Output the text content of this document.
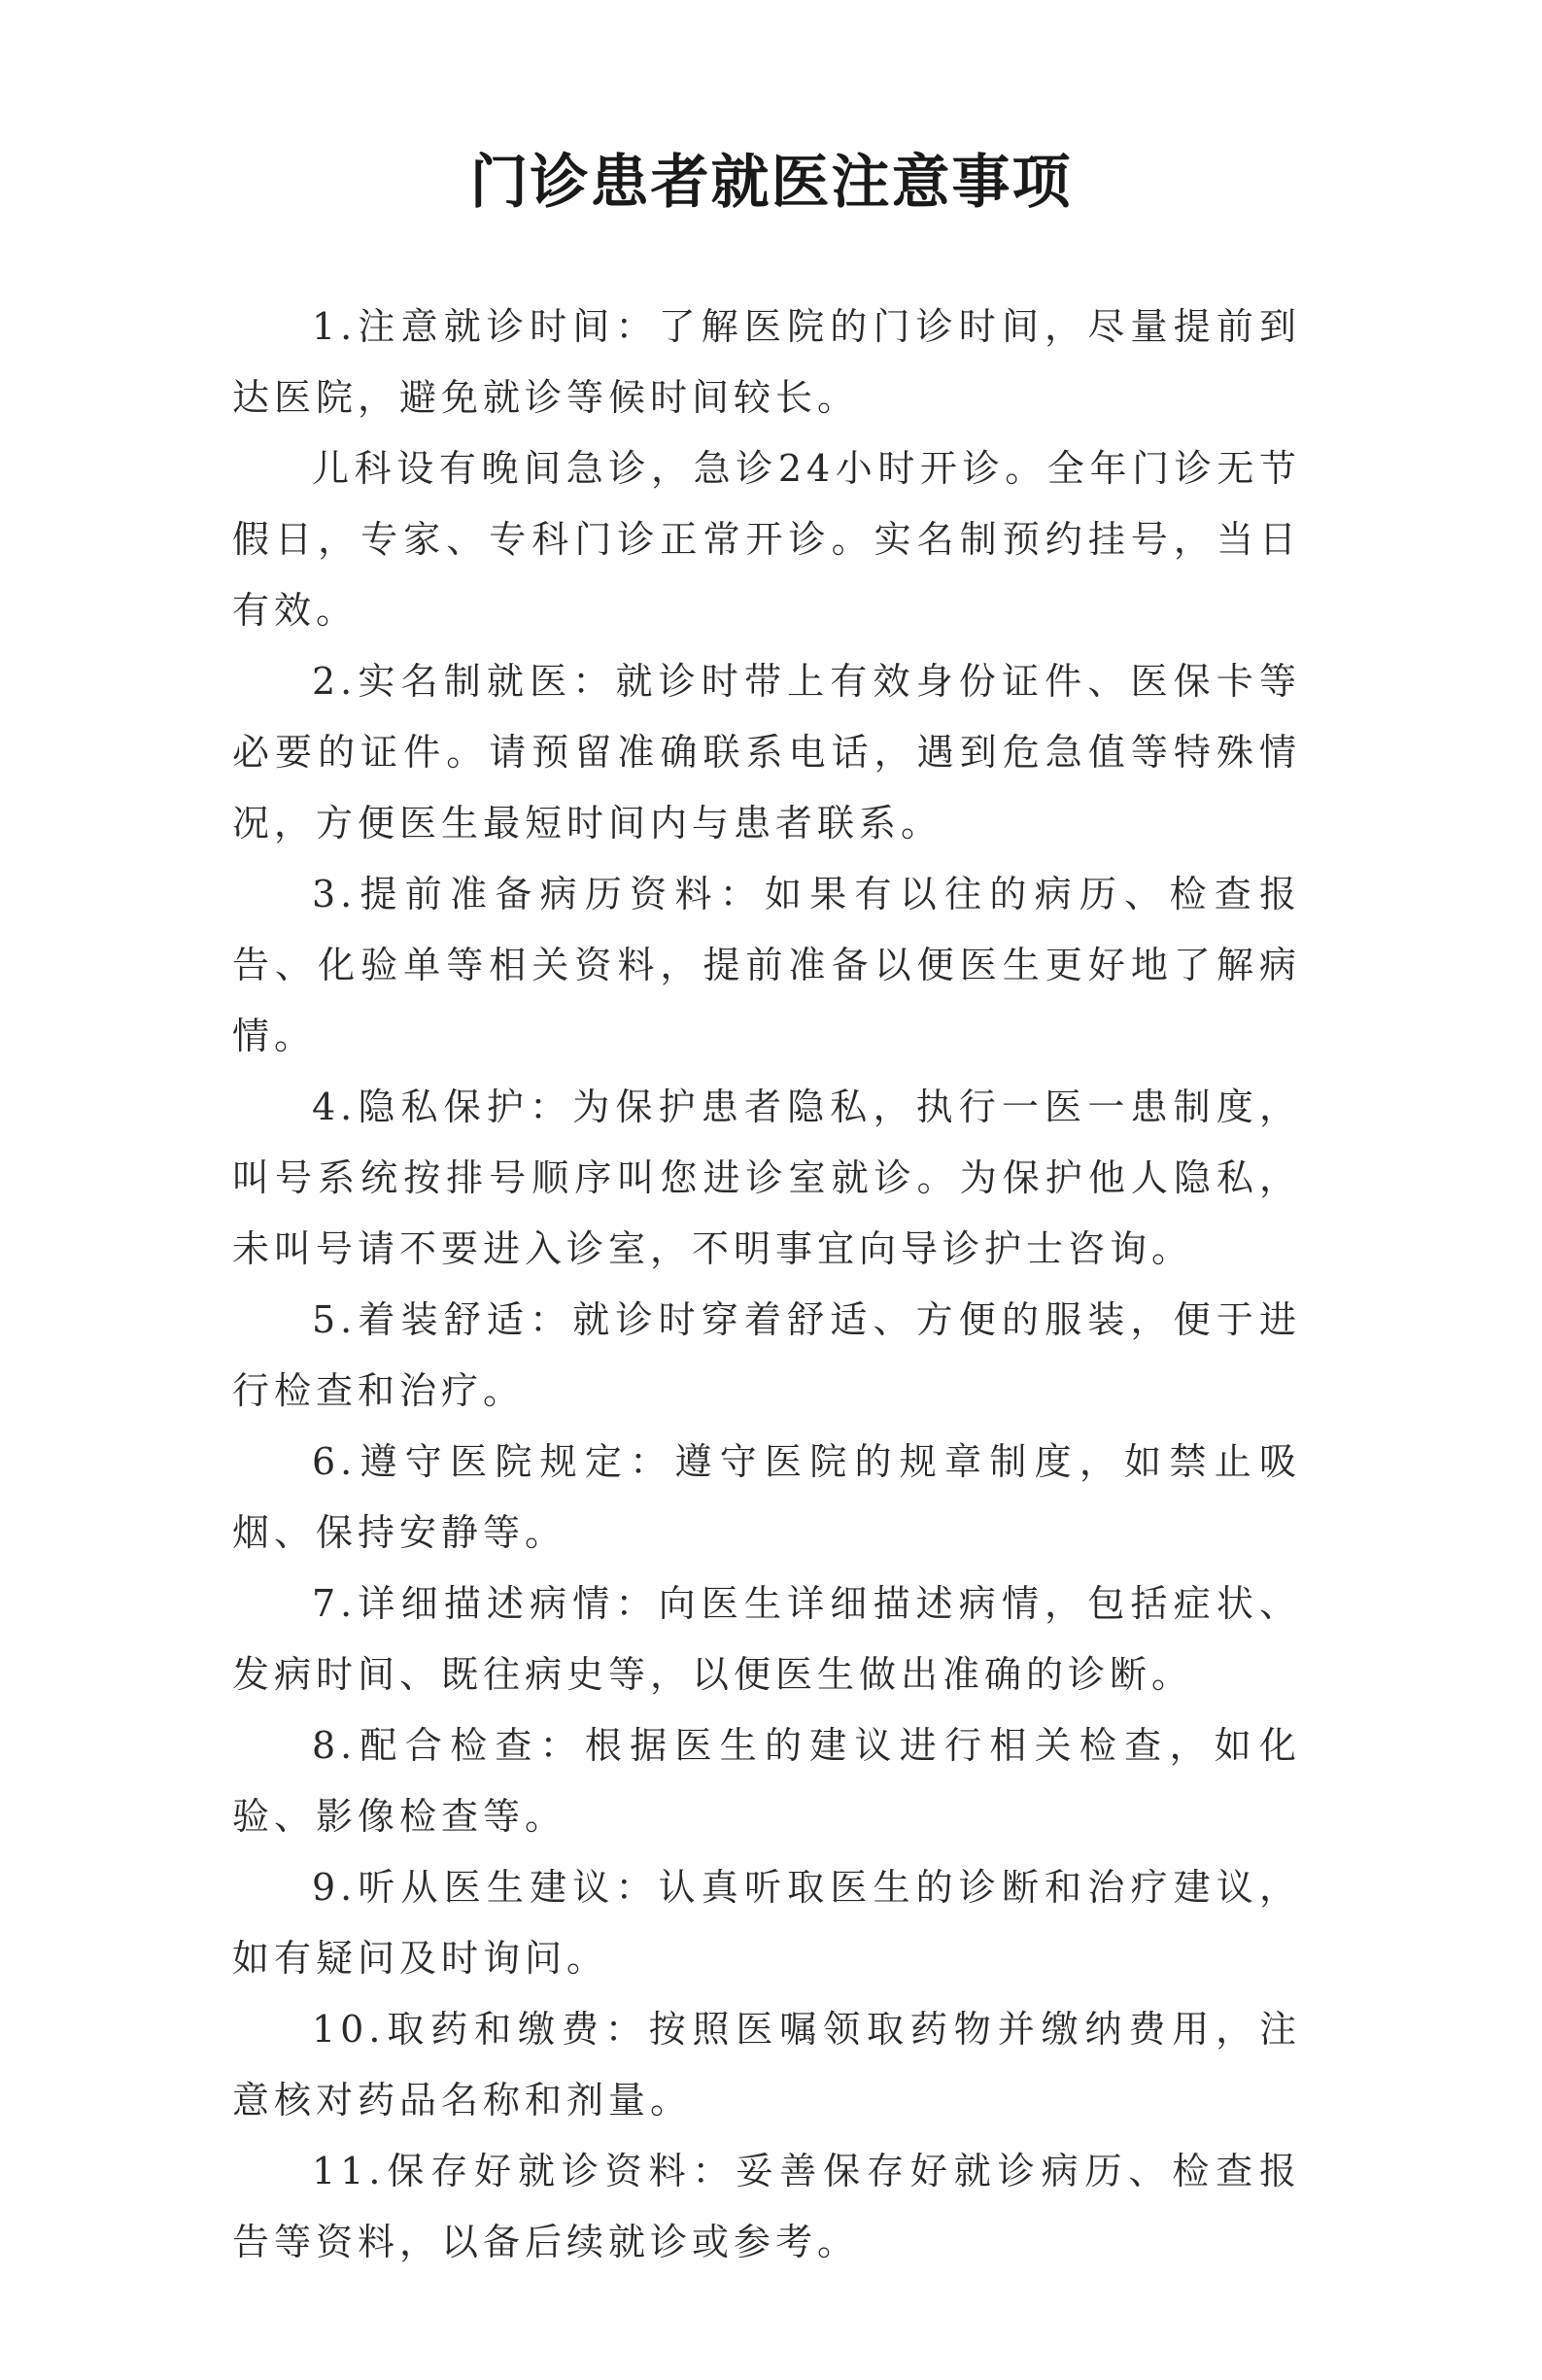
门诊患者就医注意事项

1.注意就诊时间：了解医院的门诊时间，尽量提前到达医院，避免就诊等候时间较长。

儿科设有晚间急诊，急诊24小时开诊。全年门诊无节假日，专家、专科门诊正常开诊。实名制预约挂号，当日有效。

2.实名制就医：就诊时带上有效身份证件、医保卡等必要的证件。请预留准确联系电话，遇到危急值等特殊情况，方便医生最短时间内与患者联系。

3.提前准备病历资料：如果有以往的病历、检查报告、化验单等相关资料，提前准备以便医生更好地了解病情。

4.隐私保护：为保护患者隐私，执行一医一患制度，叫号系统按排号顺序叫您进诊室就诊。为保护他人隐私，未叫号请不要进入诊室，不明事宜向导诊护士咨询。

5.着装舒适：就诊时穿着舒适、方便的服装，便于进行检查和治疗。

6.遵守医院规定：遵守医院的规章制度，如禁止吸烟、保持安静等。

7.详细描述病情：向医生详细描述病情，包括症状、发病时间、既往病史等，以便医生做出准确的诊断。

8.配合检查：根据医生的建议进行相关检查，如化验、影像检查等。

9.听从医生建议：认真听取医生的诊断和治疗建议，如有疑问及时询问。

10.取药和缴费：按照医嘱领取药物并缴纳费用，注意核对药品名称和剂量。

11.保存好就诊资料：妥善保存好就诊病历、检查报告等资料，以备后续就诊或参考。
